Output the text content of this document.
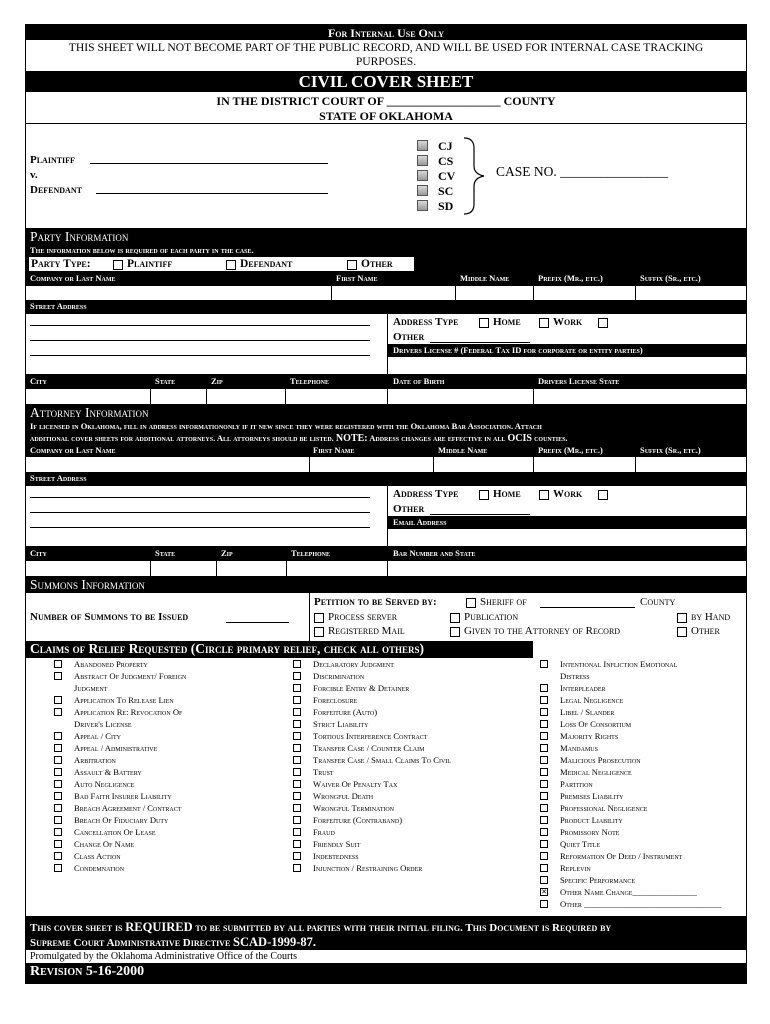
For Internal Use Only
THIS SHEET WILL NOT BECOME PART OF THE PUBLIC RECORD, AND WILL BE USED FOR INTERNAL CASE TRACKING
PURPOSES.
CIVIL COVER SHEET
IN THE DISTRICT COURT OF ___________________ COUNTY
STATE OF OKLAHOMA
Plaintiff
v.
Defendant
CJ
CS
CV
SC
SD
CASE NO. ________________
Party Information
The information below is required of each party in the case.
Party Type:	Plaintiff	Defendant	Other
Company or Last Name	First Name	Middle Name	Prefix (Mr., etc.)	Suffix (Sr., etc.)
Street Address
Address Type	Home	Work
Other
Drivers License # (Federal Tax ID for corporate or entity parties)
City	State	Zip	Telephone	Date of Birth	Drivers License State
Attorney Information
If licensed in Oklahoma, fill in address informationonly if it new since they were registered with the Oklahoma Bar Association. Attach
additional cover sheets for additional attorneys. All attorneys should be listed. NOTE: Address changes are effective in all OCIS counties.
Company or Last Name	First Name	Middle Name	Prefix (Mr., etc.)	Suffix (Sr., etc.)
Street Address
Address Type	Home	Work
Other
Email Address
City	State	Zip	Telephone	Bar Number and State
Summons Information
Number of Summons to be Issued
Petition to be Served by:	Sheriff of	County
Process server	Publication	by Hand
Registered Mail	Given to the Attorney of Record	Other
Claims of Relief Requested (Circle primary relief, check all others)
Abandoned Property
Abstract Of Judgment/ Foreign
Judgment
Application To Release Lien
Application Re: Revocation Of
Driver's License
Appeal / City
Appeal / Administrative
Arbitration
Assault & Battery
Auto Negligence
Bad Faith Insurer Liability
Breach Agreement / Contract
Breach Of Fiduciary Duty
Cancellation Of Lease
Change Of Name
Class Action
Condemnation
Declaratory Judgment
Discrimination
Forcible Entry & Detainer
Foreclosure
Forfeiture (Auto)
Strict Liability
Tortious Interference Contract
Transfer Case / Counter Claim
Transfer Case / Small Claims To Civil
Trust
Waiver Of Penalty Tax
Wrongful Death
Wrongful Termination
Forfeiture (Contraband)
Fraud
Friendly Suit
Indebtedness
Injunction / Restraining Order
Intentional Infliction Emotional
Distress
Interpleader
Legal Negligence
Libel / Slander
Loss Of Consortium
Majority Rights
Mandamus
Malicious Prosecution
Medical Negligence
Partition
Premises Liability
Professional Negligence
Product Liability
Promissory Note
Quiet Title
Reformation Of Deed / Instrument
Replevin
Specific Performance
✕ Other Name Change_______________
Other ________________________________
This cover sheet is REQUIRED to be submitted by all parties with their initial filing. This Document is Required by
Supreme Court Administrative Directive SCAD-1999-87.
Promulgated by the Oklahoma Administrative Office of the Courts
Revision 5-16-2000
